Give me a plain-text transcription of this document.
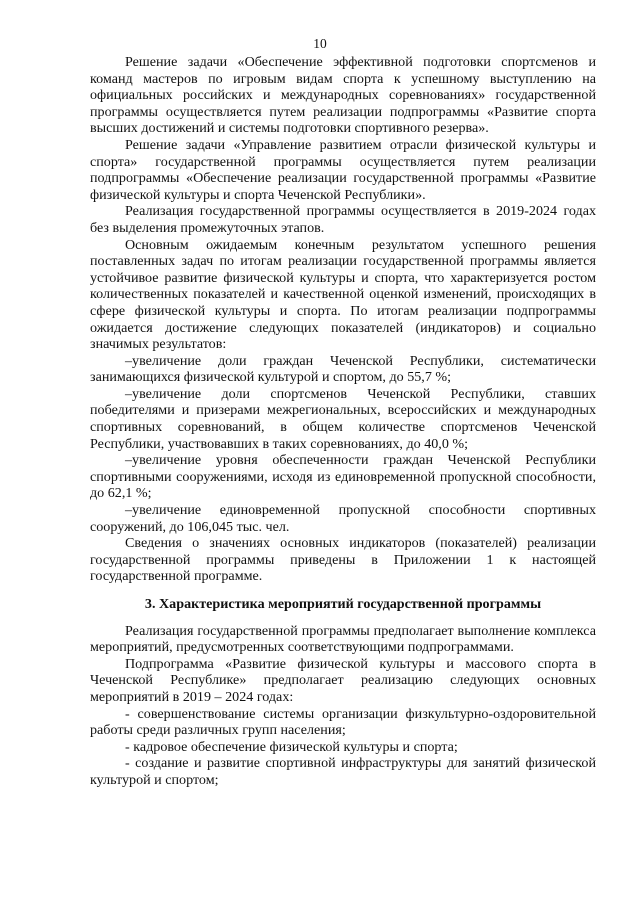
10

Решение задачи «Обеспечение эффективной подготовки спортсменов и команд мастеров по игровым видам спорта к успешному выступлению на официальных российских и международных соревнованиях» государственной программы осуществляется путем реализации подпрограммы «Развитие спорта высших достижений и системы подготовки спортивного резерва».

Решение задачи «Управление развитием отрасли физической культуры и спорта» государственной программы осуществляется путем реализации подпрограммы «Обеспечение реализации государственной программы «Развитие физической культуры и спорта Чеченской Республики».

Реализация государственной программы осуществляется в 2019-2024 годах без выделения промежуточных этапов.

Основным ожидаемым конечным результатом успешного решения поставленных задач по итогам реализации государственной программы является устойчивое развитие физической культуры и спорта, что характеризуется ростом количественных показателей и качественной оценкой изменений, происходящих в сфере физической культуры и спорта. По итогам реализации подпрограммы ожидается достижение следующих показателей (индикаторов) и социально значимых результатов:

–увеличение доли граждан Чеченской Республики, систематически занимающихся физической культурой и спортом, до 55,7 %;

–увеличение доли спортсменов Чеченской Республики, ставших победителями и призерами межрегиональных, всероссийских и международных спортивных соревнований, в общем количестве спортсменов Чеченской Республики, участвовавших в таких соревнованиях, до 40,0 %;

–увеличение уровня обеспеченности граждан Чеченской Республики спортивными сооружениями, исходя из единовременной пропускной способности, до 62,1 %;

–увеличение единовременной пропускной способности спортивных сооружений, до 106,045 тыс. чел.

Сведения о значениях основных индикаторов (показателей) реализации государственной программы приведены в Приложении 1 к настоящей государственной программе.

3. Характеристика мероприятий государственной программы

Реализация государственной программы предполагает выполнение комплекса мероприятий, предусмотренных соответствующими подпрограммами.

Подпрограмма «Развитие физической культуры и массового спорта в Чеченской Республике» предполагает реализацию следующих основных мероприятий в 2019 – 2024 годах:

- совершенствование системы организации физкультурно-оздоровительной работы среди различных групп населения;

- кадровое обеспечение физической культуры и спорта;

- создание и развитие спортивной инфраструктуры для занятий физической культурой и спортом;
